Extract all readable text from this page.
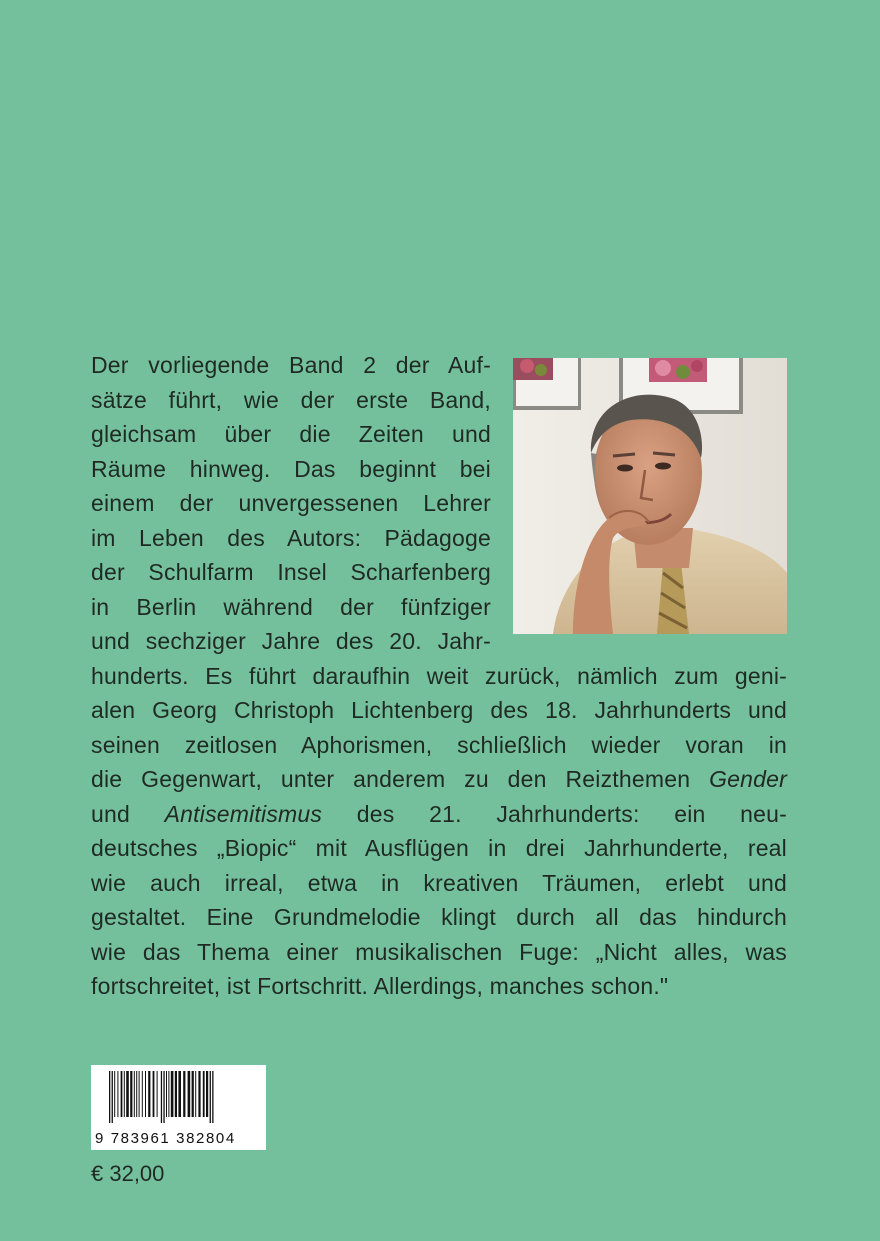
Der vorliegende Band 2 der Auf-
sätze führt, wie der erste Band,
gleichsam über die Zeiten und
Räume hinweg. Das beginnt bei
einem der unvergessenen Lehrer
im Leben des Autors: Pädagoge
der Schulfarm Insel Scharfenberg
in Berlin während der fünfziger
und sechziger Jahre des 20. Jahr-
hunderts. Es führt daraufhin weit zurück, nämlich zum geni-
alen Georg Christoph Lichtenberg des 18. Jahrhunderts und
seinen zeitlosen Aphorismen, schließlich wieder voran in
die Gegenwart, unter anderem zu den Reizthemen Gender
und Antisemitismus des 21. Jahrhunderts: ein neu-
deutsches „Biopic“ mit Ausflügen in drei Jahrhunderte, real
wie auch irreal, etwa in kreativen Träumen, erlebt und
gestaltet. Eine Grundmelodie klingt durch all das hindurch
wie das Thema einer musikalischen Fuge: „Nicht alles, was
fortschreitet, ist Fortschritt. Allerdings, manches schon."
9 783961 382804
€ 32,00
